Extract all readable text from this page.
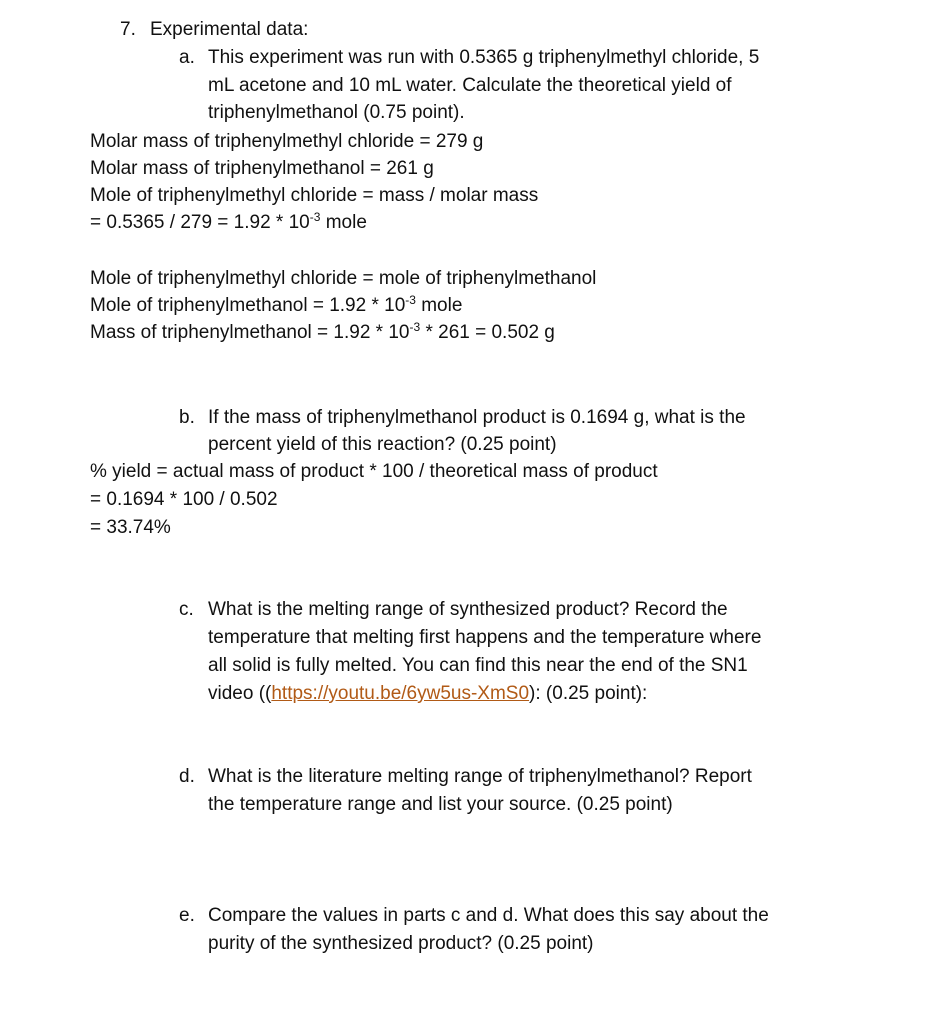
7. Experimental data:
a. This experiment was run with 0.5365 g triphenylmethyl chloride, 5
mL acetone and 10 mL water. Calculate the theoretical yield of
triphenylmethanol (0.75 point).
Molar mass of triphenylmethyl chloride = 279 g
Molar mass of triphenylmethanol = 261 g
Mole of triphenylmethyl chloride = mass / molar mass
= $0.5365 / 279 = 1.92 * 10^{-3}$ mole
Mole of triphenylmethyl chloride = mole of triphenylmethanol
Mole of triphenylmethanol = $1.92 * 10^{-3}$ mole
Mass of triphenylmethanol = $1.92 * 10^{-3} * 261 = 0.502$ g
b. If the mass of triphenylmethanol product is 0.1694 g, what is the
percent yield of this reaction? (0.25 point)
% yield = actual mass of product * 100 / theoretical mass of product
= 0.1694 * 100 / 0.502
= 33.74%
c. What is the melting range of synthesized product? Record the
temperature that melting first happens and the temperature where
all solid is fully melted. You can find this near the end of the SN1
video ((https://youtu.be/6yw5us-XmS0): (0.25 point):
d. What is the literature melting range of triphenylmethanol? Report
the temperature range and list your source. (0.25 point)
e. Compare the values in parts c and d. What does this say about the
purity of the synthesized product? (0.25 point)
